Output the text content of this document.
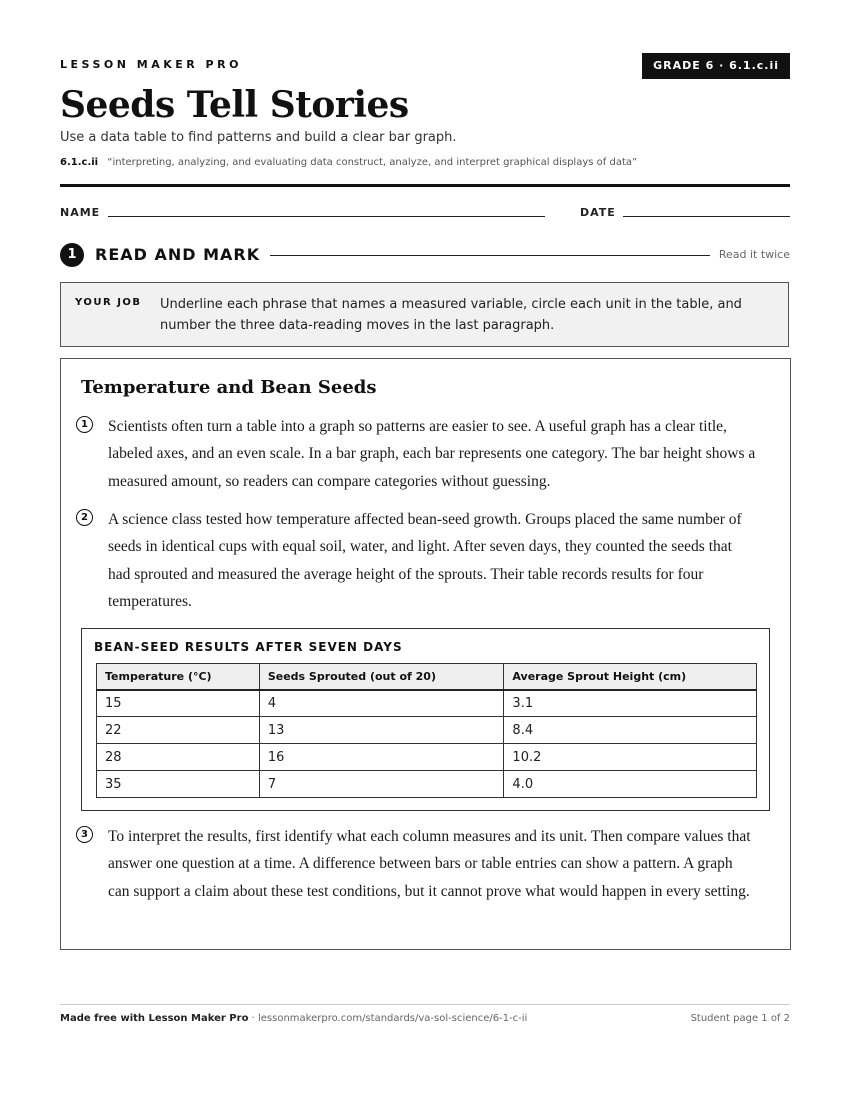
LESSON MAKER PRO	GRADE 6 · 6.1.c.ii
Seeds Tell Stories
Use a data table to find patterns and build a clear bar graph.
6.1.c.ii “interpreting, analyzing, and evaluating data construct, analyze, and interpret graphical displays of data”
NAME	DATE
1	READ AND MARK	Read it twice
YOUR JOB Underline each phrase that names a measured variable, circle each unit in the table, and number the three data-reading moves in the last paragraph.
Temperature and Bean Seeds
1	Scientists often turn a table into a graph so patterns are easier to see. A useful graph has a clear title, labeled axes, and an even scale. In a bar graph, each bar represents one category. The bar height shows a measured amount, so readers can compare categories without guessing.

2	A science class tested how temperature affected bean-seed growth. Groups placed the same number of seeds in identical cups with equal soil, water, and light. After seven days, they counted the seeds that had sprouted and measured the average height of the sprouts. Their table records results for four temperatures.

BEAN-SEED RESULTS AFTER SEVEN DAYS
Temperature (°C)	Seeds Sprouted (out of 20)	Average Sprout Height (cm)
15	4	3.1
22	13	8.4
28	16	10.2
35	7	4.0
3	To interpret the results, first identify what each column measures and its unit. Then compare values that answer one question at a time. A difference between bars or table entries can show a pattern. A graph can support a claim about these test conditions, but it cannot prove what would happen in every setting.

Made free with Lesson Maker Pro · lessonmakerpro.com/standards/va-sol-science/6-1-c-ii	Student page 1 of 2
